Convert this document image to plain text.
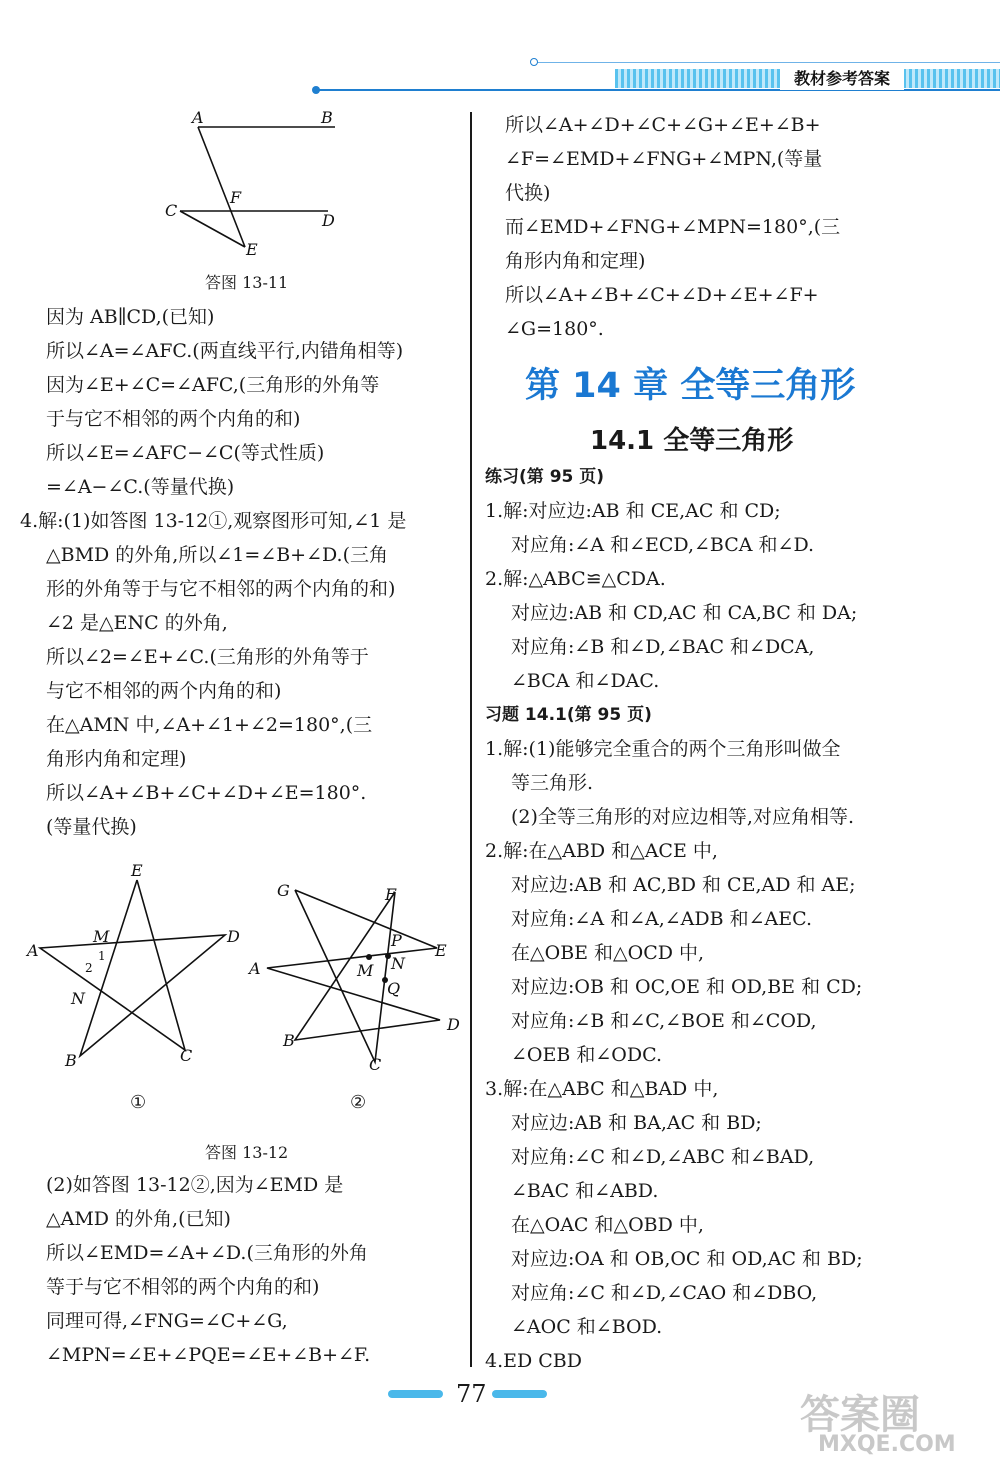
教材参考答案
A	B
C
D
F
E
答图 13-11

因为 AB∥CD,(已知)

所以∠A=∠AFC.(两直线平行,内错角相等)

因为∠E+∠C=∠AFC,(三角形的外角等

于与它不相邻的两个内角的和)

所以∠E=∠AFC−∠C(等式性质)

=∠A−∠C.(等量代换)

4.解:(1)如答图 13-12①,观察图形可知,∠1 是

△BMD 的外角,所以∠1=∠B+∠D.(三角

形的外角等于与它不相邻的两个内角的和)

∠2 是△ENC 的外角,

所以∠2=∠E+∠C.(三角形的外角等于

与它不相邻的两个内角的和)

在△AMN 中,∠A+∠1+∠2=180°,(三

角形内角和定理)

所以∠A+∠B+∠C+∠D+∠E=180°.

(等量代换)

E
A
D
M
N
B	C
1
2
①
G	F
A
E
P
N
M
Q
B
C
D
②
答图 13-12

(2)如答图 13-12②,因为∠EMD 是

△AMD 的外角,(已知)

所以∠EMD=∠A+∠D.(三角形的外角

等于与它不相邻的两个内角的和)

同理可得,∠FNG=∠C+∠G,

∠MPN=∠E+∠PQE=∠E+∠B+∠F.

所以∠A+∠D+∠C+∠G+∠E+∠B+

∠F=∠EMD+∠FNG+∠MPN,(等量

代换)

而∠EMD+∠FNG+∠MPN=180°,(三

角形内角和定理)

所以∠A+∠B+∠C+∠D+∠E+∠F+

∠G=180°.

第 14 章 全等三角形
14.1 全等三角形

练习(第 95 页)

1.解:对应边:AB 和 CE,AC 和 CD;

对应角:∠A 和∠ECD,∠BCA 和∠D.

2.解:△ABC≌△CDA.

对应边:AB 和 CD,AC 和 CA,BC 和 DA;

对应角:∠B 和∠D,∠BAC 和∠DCA,

∠BCA 和∠DAC.

习题 14.1(第 95 页)

1.解:(1)能够完全重合的两个三角形叫做全

等三角形.

(2)全等三角形的对应边相等,对应角相等.

2.解:在△ABD 和△ACE 中,

对应边:AB 和 AC,BD 和 CE,AD 和 AE;

对应角:∠A 和∠A,∠ADB 和∠AEC.

在△OBE 和△OCD 中,

对应边:OB 和 OC,OE 和 OD,BE 和 CD;

对应角:∠B 和∠C,∠BOE 和∠COD,

∠OEB 和∠ODC.

3.解:在△ABC 和△BAD 中,

对应边:AB 和 BA,AC 和 BD;

对应角:∠C 和∠D,∠ABC 和∠BAD,

∠BAC 和∠ABD.

在△OAC 和△OBD 中,

对应边:OA 和 OB,OC 和 OD,AC 和 BD;

对应角:∠C 和∠D,∠CAO 和∠DBO,

∠AOC 和∠BOD.

4.ED CBD

77	答案圈
MXQE.COM
